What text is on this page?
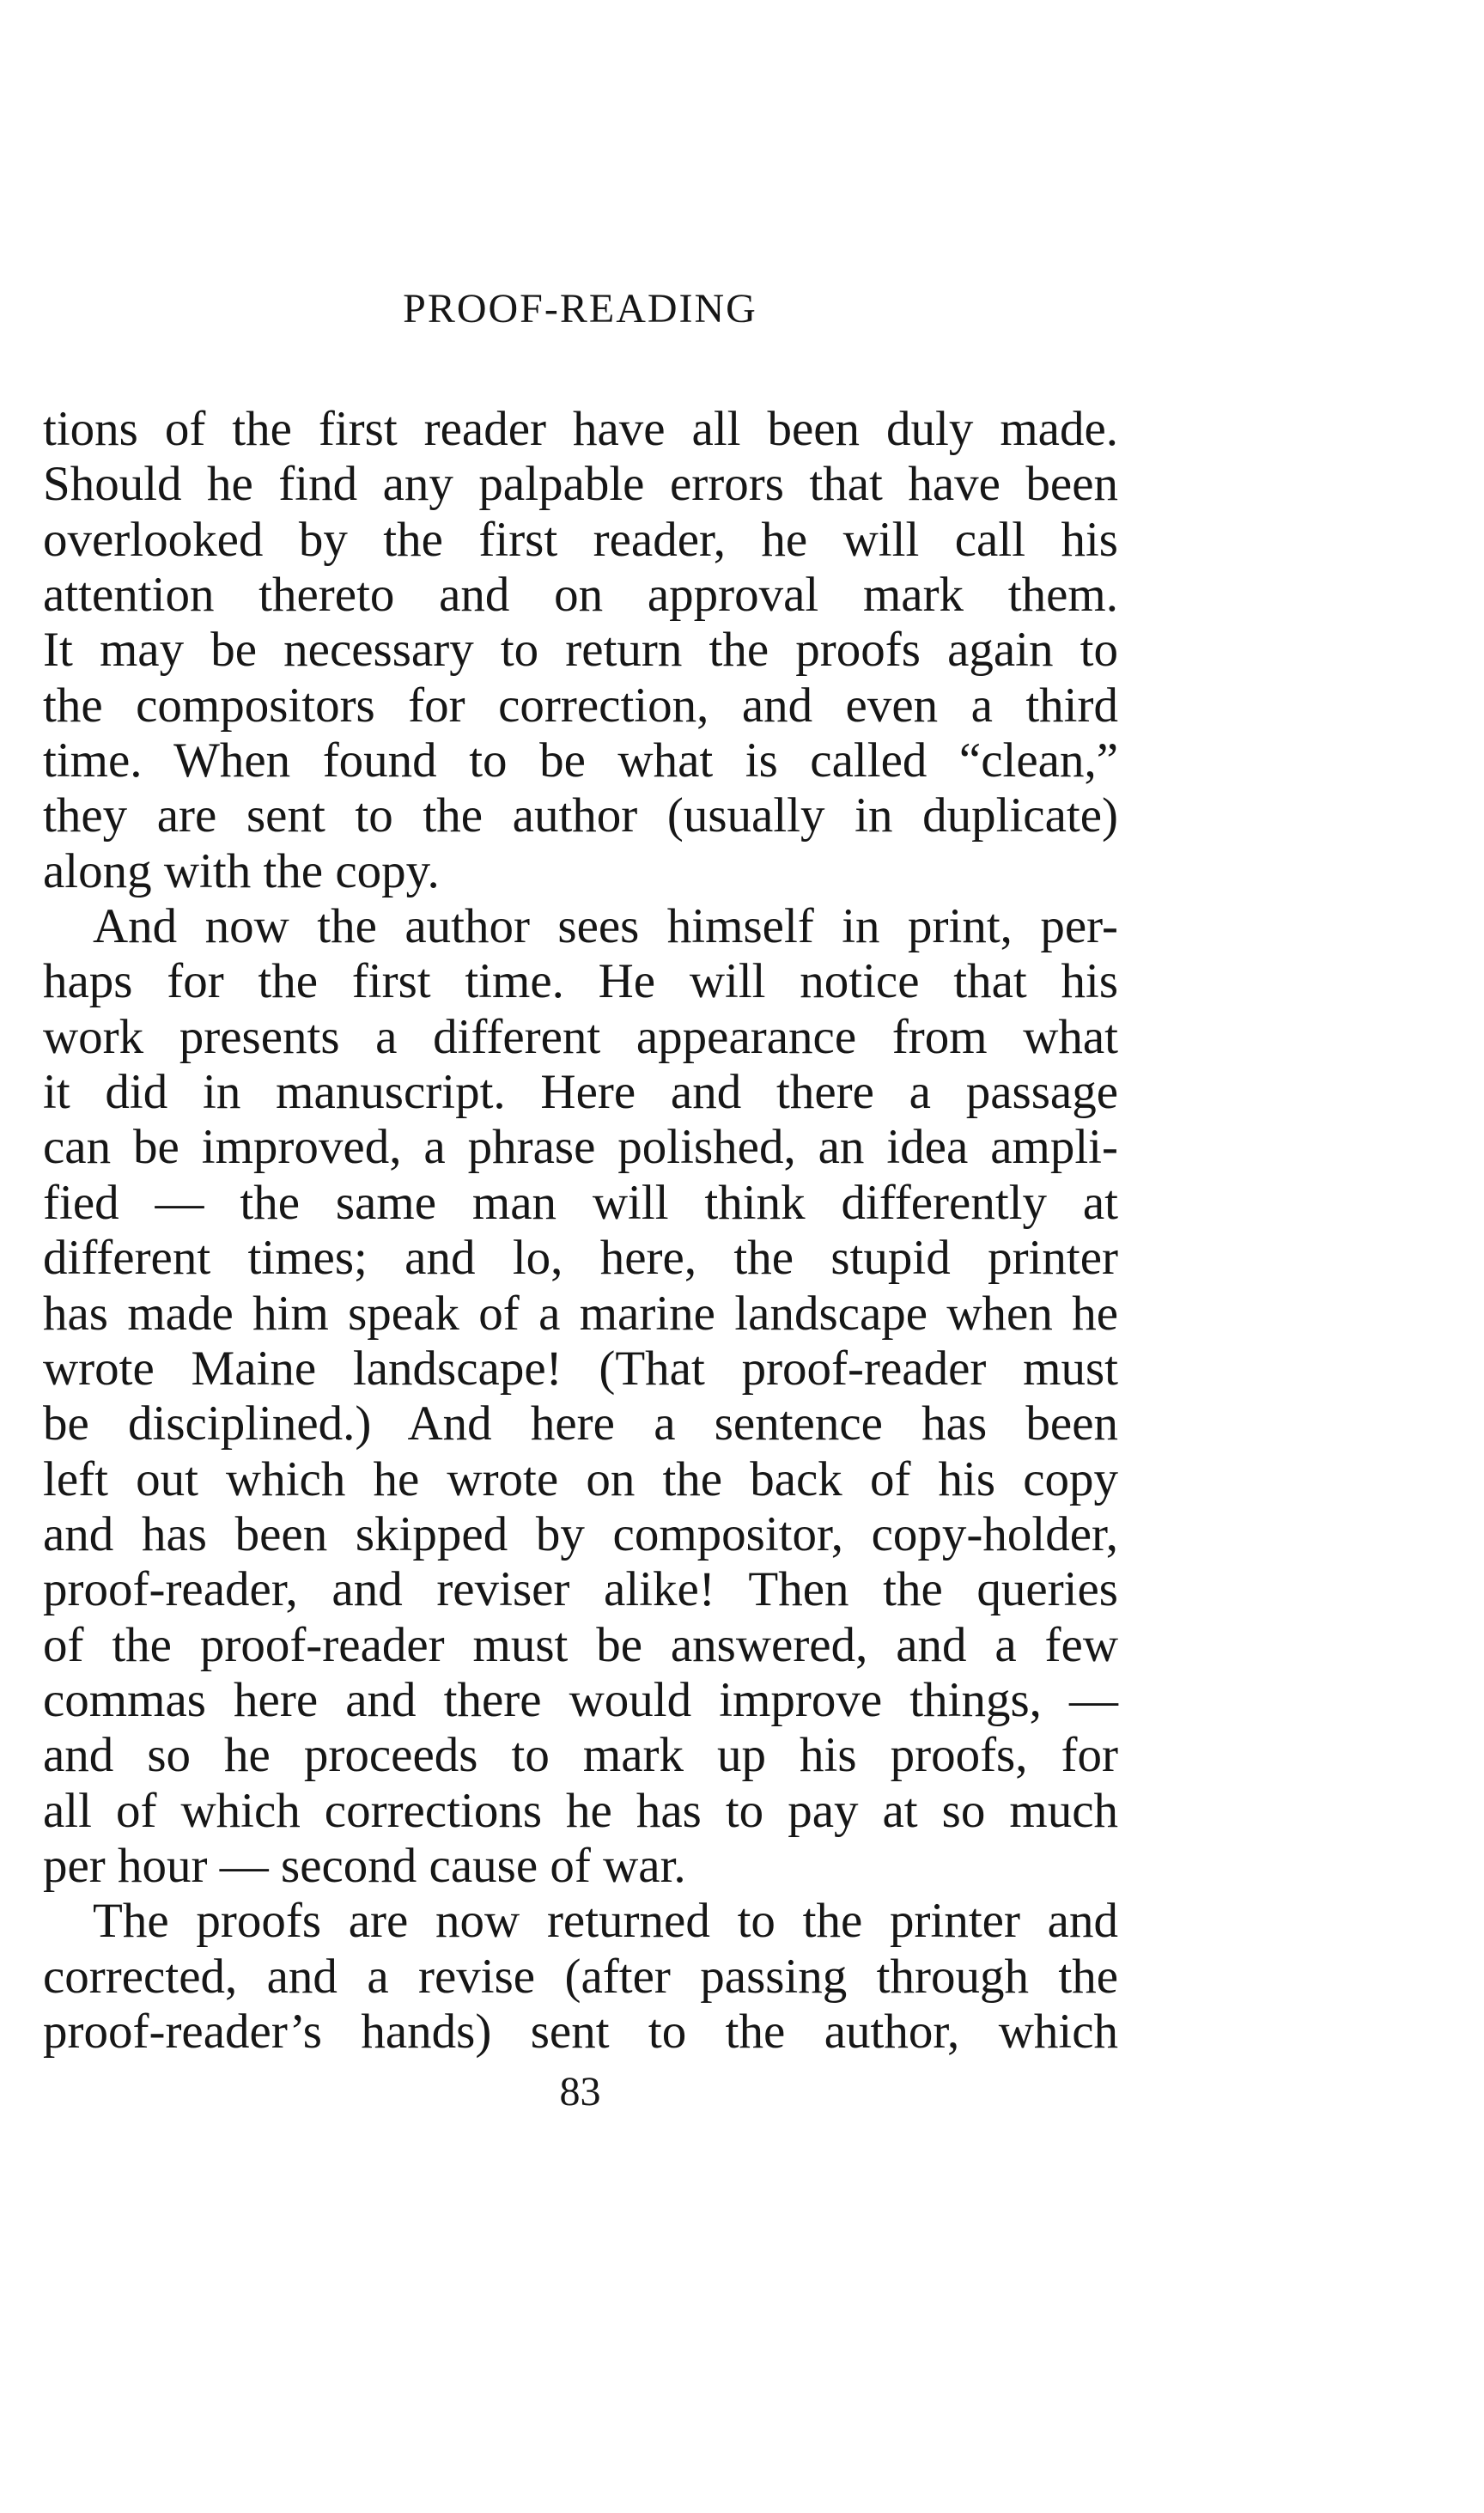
PROOF-READING
tions of the first reader have all been duly made.
Should he find any palpable errors that have been
overlooked by the first reader, he will call his
attention thereto and on approval mark them.
It may be necessary to return the proofs again to
the compositors for correction, and even a third
time. When found to be what is called “clean,”
they are sent to the author (usually in duplicate)
along with the copy.
And now the author sees himself in print, per-
haps for the first time. He will notice that his
work presents a different appearance from what
it did in manuscript. Here and there a passage
can be improved, a phrase polished, an idea ampli-
fied — the same man will think differently at
different times; and lo, here, the stupid printer
has made him speak of a marine landscape when he
wrote Maine landscape! (That proof-reader must
be disciplined.) And here a sentence has been
left out which he wrote on the back of his copy
and has been skipped by compositor, copy-holder,
proof-reader, and reviser alike! Then the queries
of the proof-reader must be answered, and a few
commas here and there would improve things, —
and so he proceeds to mark up his proofs, for
all of which corrections he has to pay at so much
per hour — second cause of war.
The proofs are now returned to the printer and
corrected, and a revise (after passing through the
proof-reader’s hands) sent to the author, which
83
